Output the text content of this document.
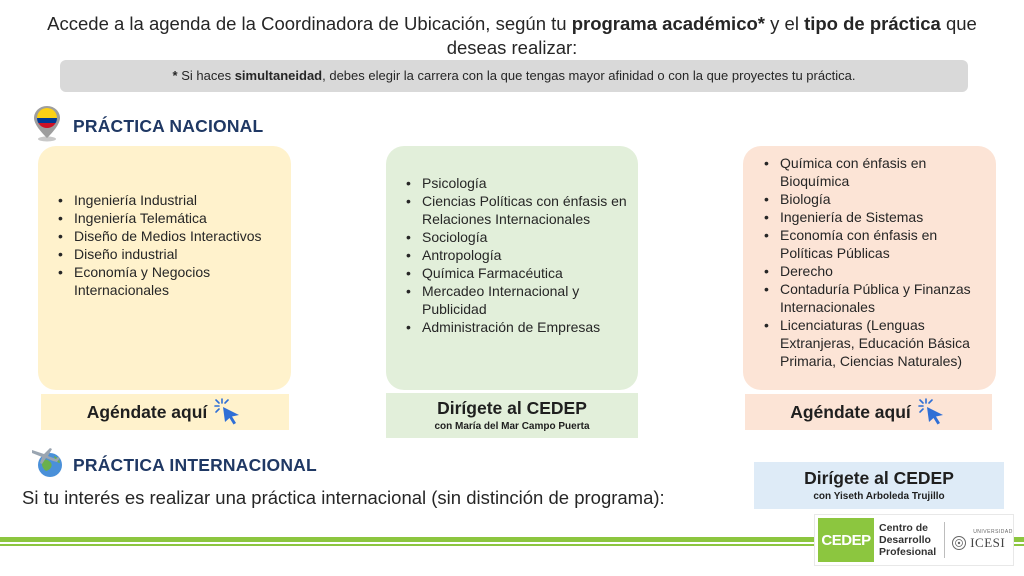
Accede a la agenda de la Coordinadora de Ubicación, según tu programa académico* y el tipo de práctica que deseas realizar:
* Si haces simultaneidad, debes elegir la carrera con la que tengas mayor afinidad o con la que proyectes tu práctica.
PRÁCTICA NACIONAL
• Ingeniería Industrial
• Ingeniería Telemática
• Diseño de Medios Interactivos
• Diseño industrial
• Economía y Negocios Internacionales
• Psicología
• Ciencias Políticas con énfasis en Relaciones Internacionales
• Sociología
• Antropología
• Química Farmacéutica
• Mercadeo Internacional y Publicidad
• Administración de Empresas
• Química con énfasis en Bioquímica
• Biología
• Ingeniería de Sistemas
• Economía con énfasis en Políticas Públicas
• Derecho
• Contaduría Pública y Finanzas Internacionales
• Licenciaturas (Lenguas Extranjeras, Educación Básica Primaria, Ciencias Naturales)
Agéndate aquí	Dirígete al CEDEP
con María del Mar Campo Puerta
Agéndate aquí
PRÁCTICA INTERNACIONAL
Si tu interés es realizar una práctica internacional (sin distinción de programa):
Dirígete al CEDEP
con Yiseth Arboleda Trujillo
CEDEP
Centro de
Desarrollo
Profesional
UNIVERSIDAD
ICESI
